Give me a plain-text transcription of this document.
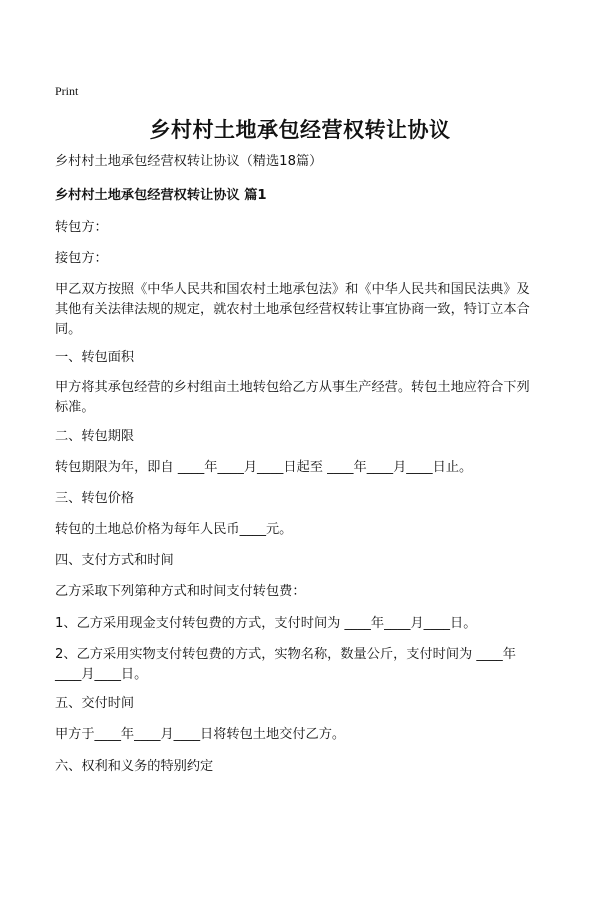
Print
乡村村土地承包经营权转让协议

乡村村土地承包经营权转让协议（精选18篇）

乡村村土地承包经营权转让协议 篇1

转包方：

接包方：

甲乙双方按照《中华人民共和国农村土地承包法》和《中华人民共和国民法典》及

其他有关法律法规的规定，就农村土地承包经营权转让事宜协商一致，特订立本合

同。

一、转包面积

甲方将其承包经营的乡村组亩土地转包给乙方从事生产经营。转包土地应符合下列

标准。

二、转包期限

转包期限为年，即自 ____年____月____日起至 ____年____月____日止。

三、转包价格

转包的土地总价格为每年人民币____元。

四、支付方式和时间

乙方采取下列第种方式和时间支付转包费：

1、乙方采用现金支付转包费的方式，支付时间为 ____年____月____日。

2、乙方采用实物支付转包费的方式，实物名称，数量公斤，支付时间为 ____年

____月____日。

五、交付时间

甲方于____年____月____日将转包土地交付乙方。

六、权利和义务的特别约定
